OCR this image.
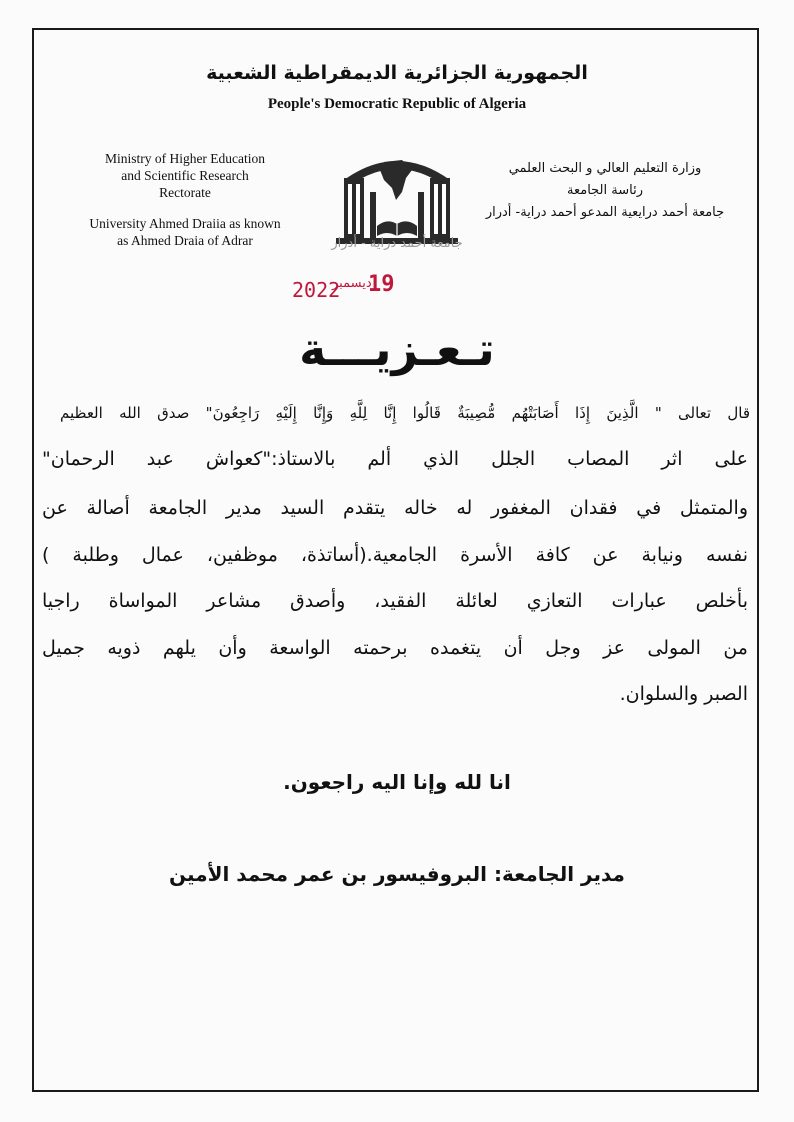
الجمهورية الجزائرية الديمقراطية الشعبية
People's Democratic Republic of Algeria
Ministry of Higher Education
and Scientific Research
Rectorate
University Ahmed Draiia as known
as Ahmed Draia of Adrar
وزارة التعليم العالي و البحث العلمي
رئاسة الجامعة
جامعة أحمد درايعية المدعو أحمد دراية- أدرار
جامعة أحمد دراية - أدرار
19
ديسمبر
2022
تـعـزيـــة
قال تعالى " الَّذِينَ إِذَا أَصَابَتْهُم مُّصِيبَةٌ قَالُوا إِنَّا لِلَّهِ وَإِنَّا إِلَيْهِ رَاجِعُونَ" صدق الله العظيم
على اثر المصاب الجلل الذي ألم بالاستاذ:"كعواش عبد الرحمان"
والمتمثل في فقدان المغفور له خاله يتقدم السيد مدير الجامعة أصالة عن
نفسه ونيابة عن كافة الأسرة الجامعية.(أساتذة، موظفين، عمال وطلبة )
بأخلص عبارات التعازي لعائلة الفقيد، وأصدق مشاعر المواساة راجيا
من المولى عز وجل أن يتغمده برحمته الواسعة وأن يلهم ذويه جميل
الصبر والسلوان.
انا لله وإنا اليه راجعون.
مدير الجامعة: البروفيسور بن عمر محمد الأمين
